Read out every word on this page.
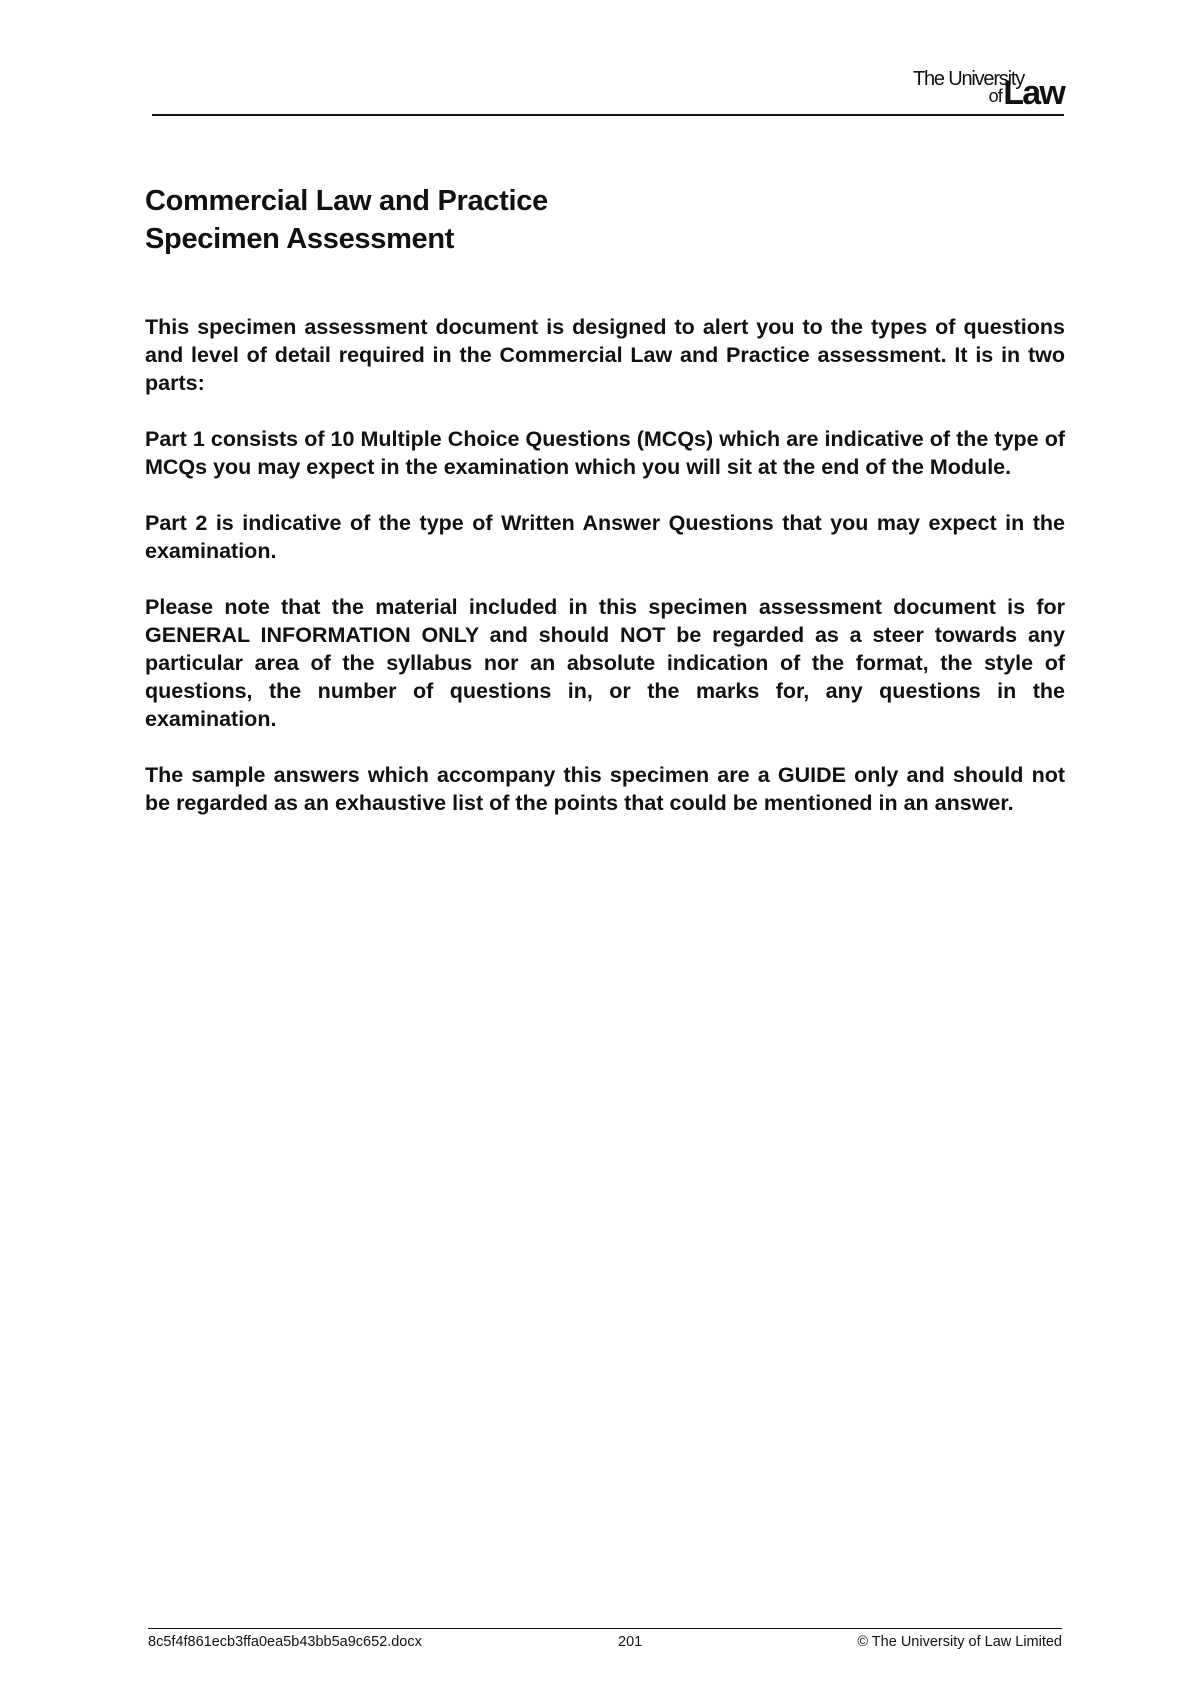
The University
of Law
Commercial Law and Practice
Specimen Assessment

This specimen assessment document is designed to alert you to the types of questions and level of detail required in the Commercial Law and Practice assessment. It is in two parts:

Part 1 consists of 10 Multiple Choice Questions (MCQs) which are indicative of the type of MCQs you may expect in the examination which you will sit at the end of the Module.

Part 2 is indicative of the type of Written Answer Questions that you may expect in the examination.

Please note that the material included in this specimen assessment document is for GENERAL INFORMATION ONLY and should NOT be regarded as a steer towards any particular area of the syllabus nor an absolute indication of the format, the style of questions, the number of questions in, or the marks for, any questions in the examination.

The sample answers which accompany this specimen are a GUIDE only and should not be regarded as an exhaustive list of the points that could be mentioned in an answer.

8c5f4f861ecb3ffa0ea5b43bb5a9c652.docx	201	© The University of Law Limited
